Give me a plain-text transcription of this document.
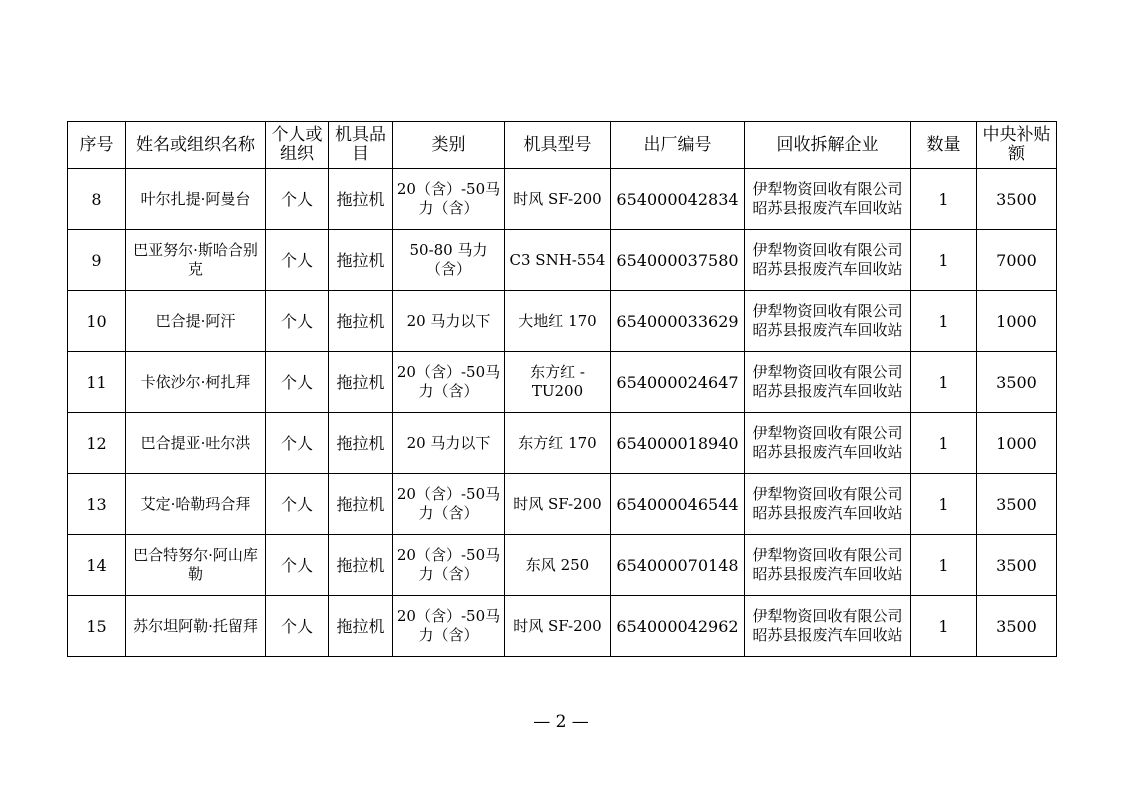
序号	姓名或组织名称	个人或组织	机具品目	类别	机具型号	出厂编号	回收拆解企业	数量	中央补贴额
8	叶尔扎提·阿曼台	个人	拖拉机	20（含）-50马力（含）	时风 SF-200	654000042834	伊犁物资回收有限公司昭苏县报废汽车回收站	1	3500
9	巴亚努尔·斯哈合别克	个人	拖拉机	50-80 马力（含）	C3 SNH-554	654000037580	伊犁物资回收有限公司昭苏县报废汽车回收站	1	7000
10	巴合提·阿汗	个人	拖拉机	20 马力以下	大地红 170	654000033629	伊犁物资回收有限公司昭苏县报废汽车回收站	1	1000
11	卡依沙尔·柯扎拜	个人	拖拉机	20（含）-50马力（含）	东方红 -TU200	654000024647	伊犁物资回收有限公司昭苏县报废汽车回收站	1	3500
12	巴合提亚·吐尔洪	个人	拖拉机	20 马力以下	东方红 170	654000018940	伊犁物资回收有限公司昭苏县报废汽车回收站	1	1000
13	艾定·哈勒玛合拜	个人	拖拉机	20（含）-50马力（含）	时风 SF-200	654000046544	伊犁物资回收有限公司昭苏县报废汽车回收站	1	3500
14	巴合特努尔·阿山库勒	个人	拖拉机	20（含）-50马力（含）	东风 250	654000070148	伊犁物资回收有限公司昭苏县报废汽车回收站	1	3500
15	苏尔坦阿勒·托留拜	个人	拖拉机	20（含）-50马力（含）	时风 SF-200	654000042962	伊犁物资回收有限公司昭苏县报废汽车回收站	1	3500
— 2 —
